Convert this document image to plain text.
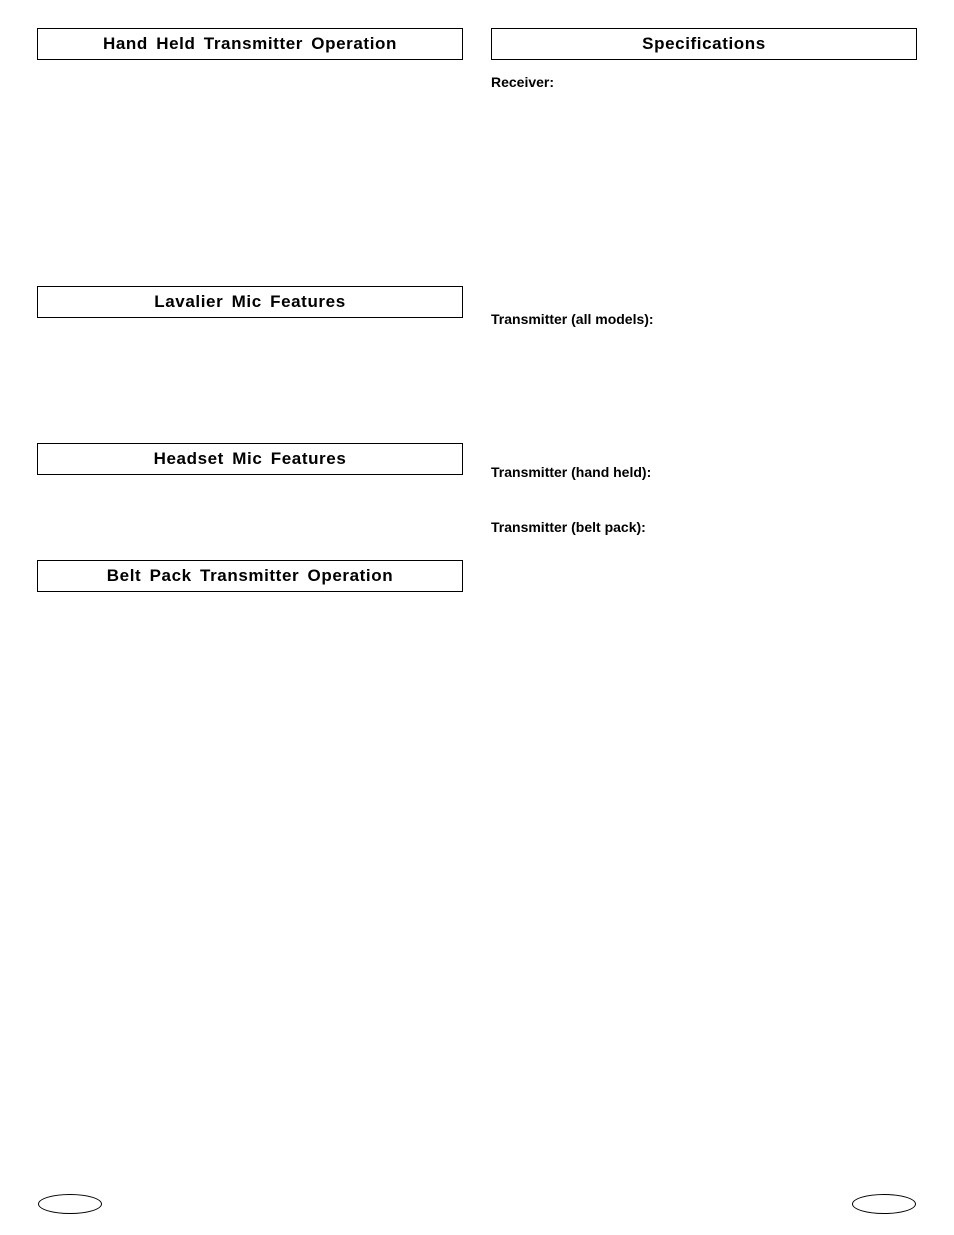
Hand Held Transmitter Operation
Lavalier Mic Features
Headset Mic Features
Belt Pack Transmitter Operation
Specifications
Receiver:
Transmitter (all models):
Transmitter (hand held):
Transmitter (belt pack):
